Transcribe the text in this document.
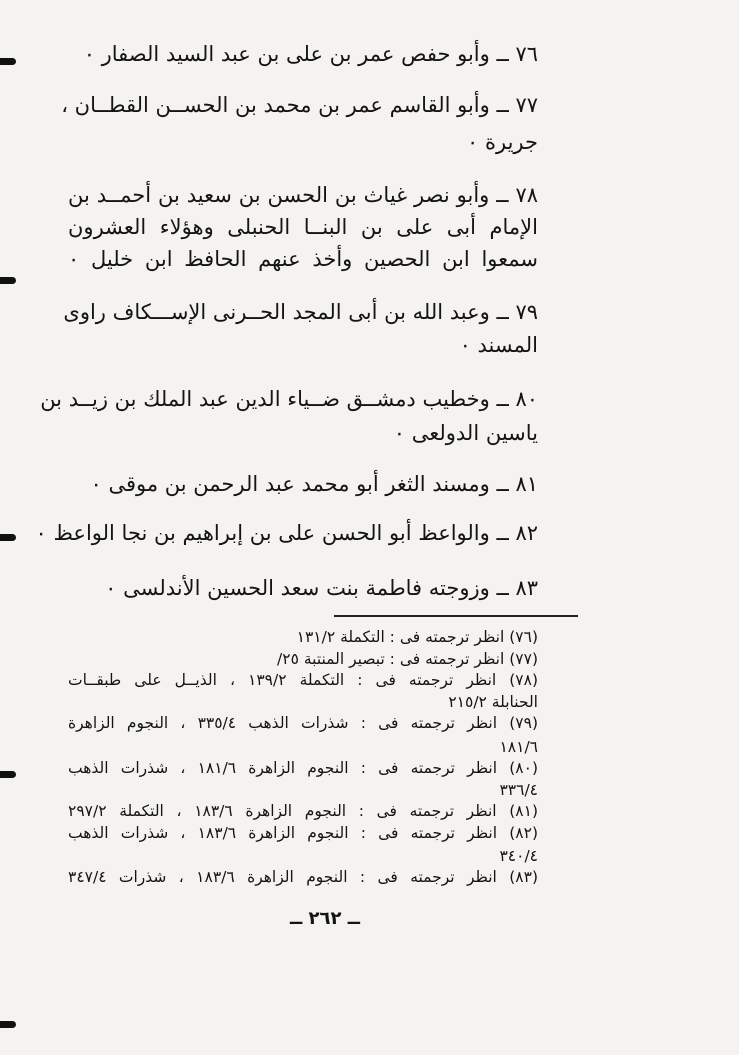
٧٦ ــ وأبو حفص عمر بن على بن عبد السيد الصفار ٠
٧٧ ــ وأبو القاسم عمر بن محمد بن الحســن القطــان ،
جريرة ٠
٧٨ ــ وأبو نصر غياث بن الحسن بن سعيد بن أحمــد بن
الإمام أبى على بن البنــا الحنبلى وهؤلاء العشرون
سمعوا ابن الحصين وأخذ عنهم الحافظ ابن خليل ٠
٧٩ ــ وعبد الله بن أبى المجد الحــرنى الإســـكاف راوى
المسند ٠
٨٠ ــ وخطيب دمشــق ضــياء الدين عبد الملك بن زيــد بن
ياسين الدولعى ٠
٨١ ــ ومسند الثغر أبو محمد عبد الرحمن بن موقى ٠
٨٢ ــ والواعظ أبو الحسن على بن إبراهيم بن نجا الواعظ ٠
٨٣ ــ وزوجته فاطمة بنت سعد الحسين الأندلسى ٠
(٧٦) انظر ترجمته فى : التكملة ١٣١/٢
(٧٧) انظر ترجمته فى : تبصير المنتبة ٢٥/
(٧٨) انظر ترجمته فى : التكملة ١٣٩/٢ ، الذيــل على طبقــات
الحنابلة ٢١٥/٢
(٧٩) انظر ترجمته فى : شذرات الذهب ٣٣٥/٤ ، النجوم الزاهرة
١٨١/٦
(٨٠) انظر ترجمته فى : النجوم الزاهرة ١٨١/٦ ، شذرات الذهب
٣٣٦/٤
(٨١) انظر ترجمته فى : النجوم الزاهرة ١٨٣/٦ ، التكملة ٢٩٧/٢
(٨٢) انظر ترجمته فى : النجوم الزاهرة ١٨٣/٦ ، شذرات الذهب
٣٤٠/٤
(٨٣) انظر ترجمته فى : النجوم الزاهرة ١٨٣/٦ ، شذرات ٣٤٧/٤
ــ ٢٦٢ ــ
